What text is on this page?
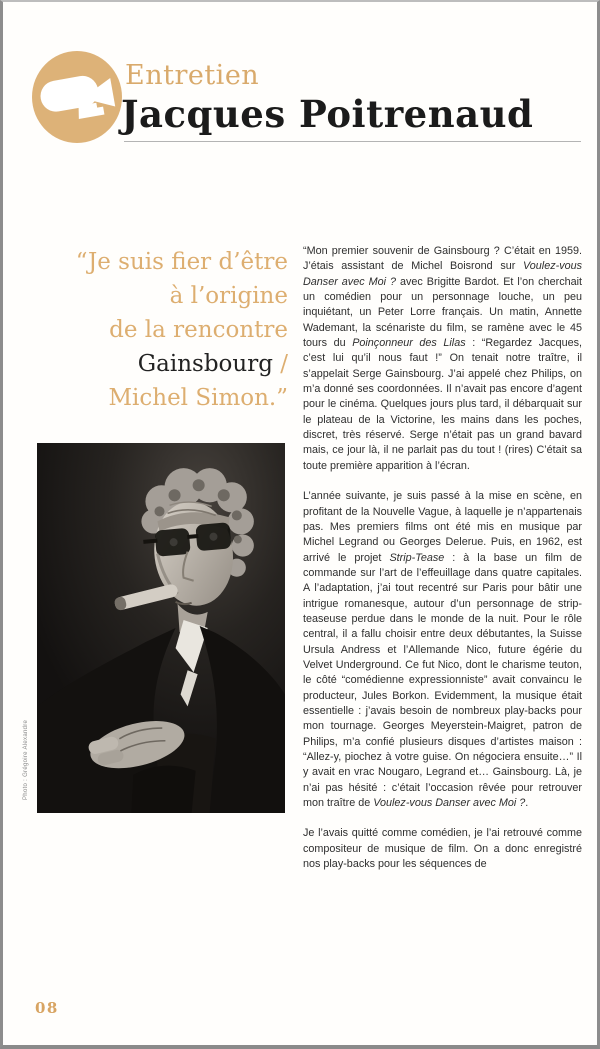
Entretien
Jacques Poitrenaud
“Je suis fier d’être
à l’origine
de la rencontre
Gainsbourg /
Michel Simon.”
Photo : Grégoire Alexandre

“Mon premier souvenir de Gainsbourg ? C’était en 1959. J’étais assistant de Michel Boisrond sur Voulez-vous Danser avec Moi ? avec Brigitte Bardot. Et l’on cherchait un comédien pour un personnage louche, un peu inquiétant, un Peter Lorre français. Un matin, Annette Wademant, la scénariste du film, se ramène avec le 45 tours du Poinçonneur des Lilas : “Regardez Jacques, c’est lui qu’il nous faut !” On tenait notre traître, il s’appelait Serge Gainsbourg. J’ai appelé chez Philips, on m’a donné ses coordonnées. Il n’avait pas encore d’agent pour le cinéma. Quelques jours plus tard, il débarquait sur le plateau de la Victorine, les mains dans les poches, discret, très réservé. Serge n’était pas un grand bavard mais, ce jour là, il ne parlait pas du tout ! (rires) C’était sa toute première apparition à l’écran.

L’année suivante, je suis passé à la mise en scène, en profitant de la Nouvelle Vague, à laquelle je n’appartenais pas. Mes premiers films ont été mis en musique par Michel Legrand ou Georges Delerue. Puis, en 1962, est arrivé le projet Strip-Tease : à la base un film de commande sur l’art de l’effeuillage dans quatre capitales. A l’adaptation, j’ai tout recentré sur Paris pour bâtir une intrigue romanesque, autour d’un personnage de strip-teaseuse perdue dans le monde de la nuit. Pour le rôle central, il a fallu choisir entre deux débutantes, la Suisse Ursula Andress et l’Allemande Nico, future égérie du Velvet Underground. Ce fut Nico, dont le charisme teuton, le côté “comédienne expressionniste” avait convaincu le producteur, Jules Borkon. Evidemment, la musique était essentielle : j’avais besoin de nombreux play-backs pour mon tournage. Georges Meyerstein-Maigret, patron de Philips, m’a confié plusieurs disques d’artistes maison : “Allez-y, piochez à votre guise. On négociera ensuite…” Il y avait en vrac Nougaro, Legrand et… Gainsbourg. Là, je n’ai pas hésité : c’était l’occasion rêvée pour retrouver mon traître de Voulez-vous Danser avec Moi ?.

Je l’avais quitté comme comédien, je l’ai retrouvé comme compositeur de musique de film. On a donc enregistré nos play-backs pour les séquences de

08
